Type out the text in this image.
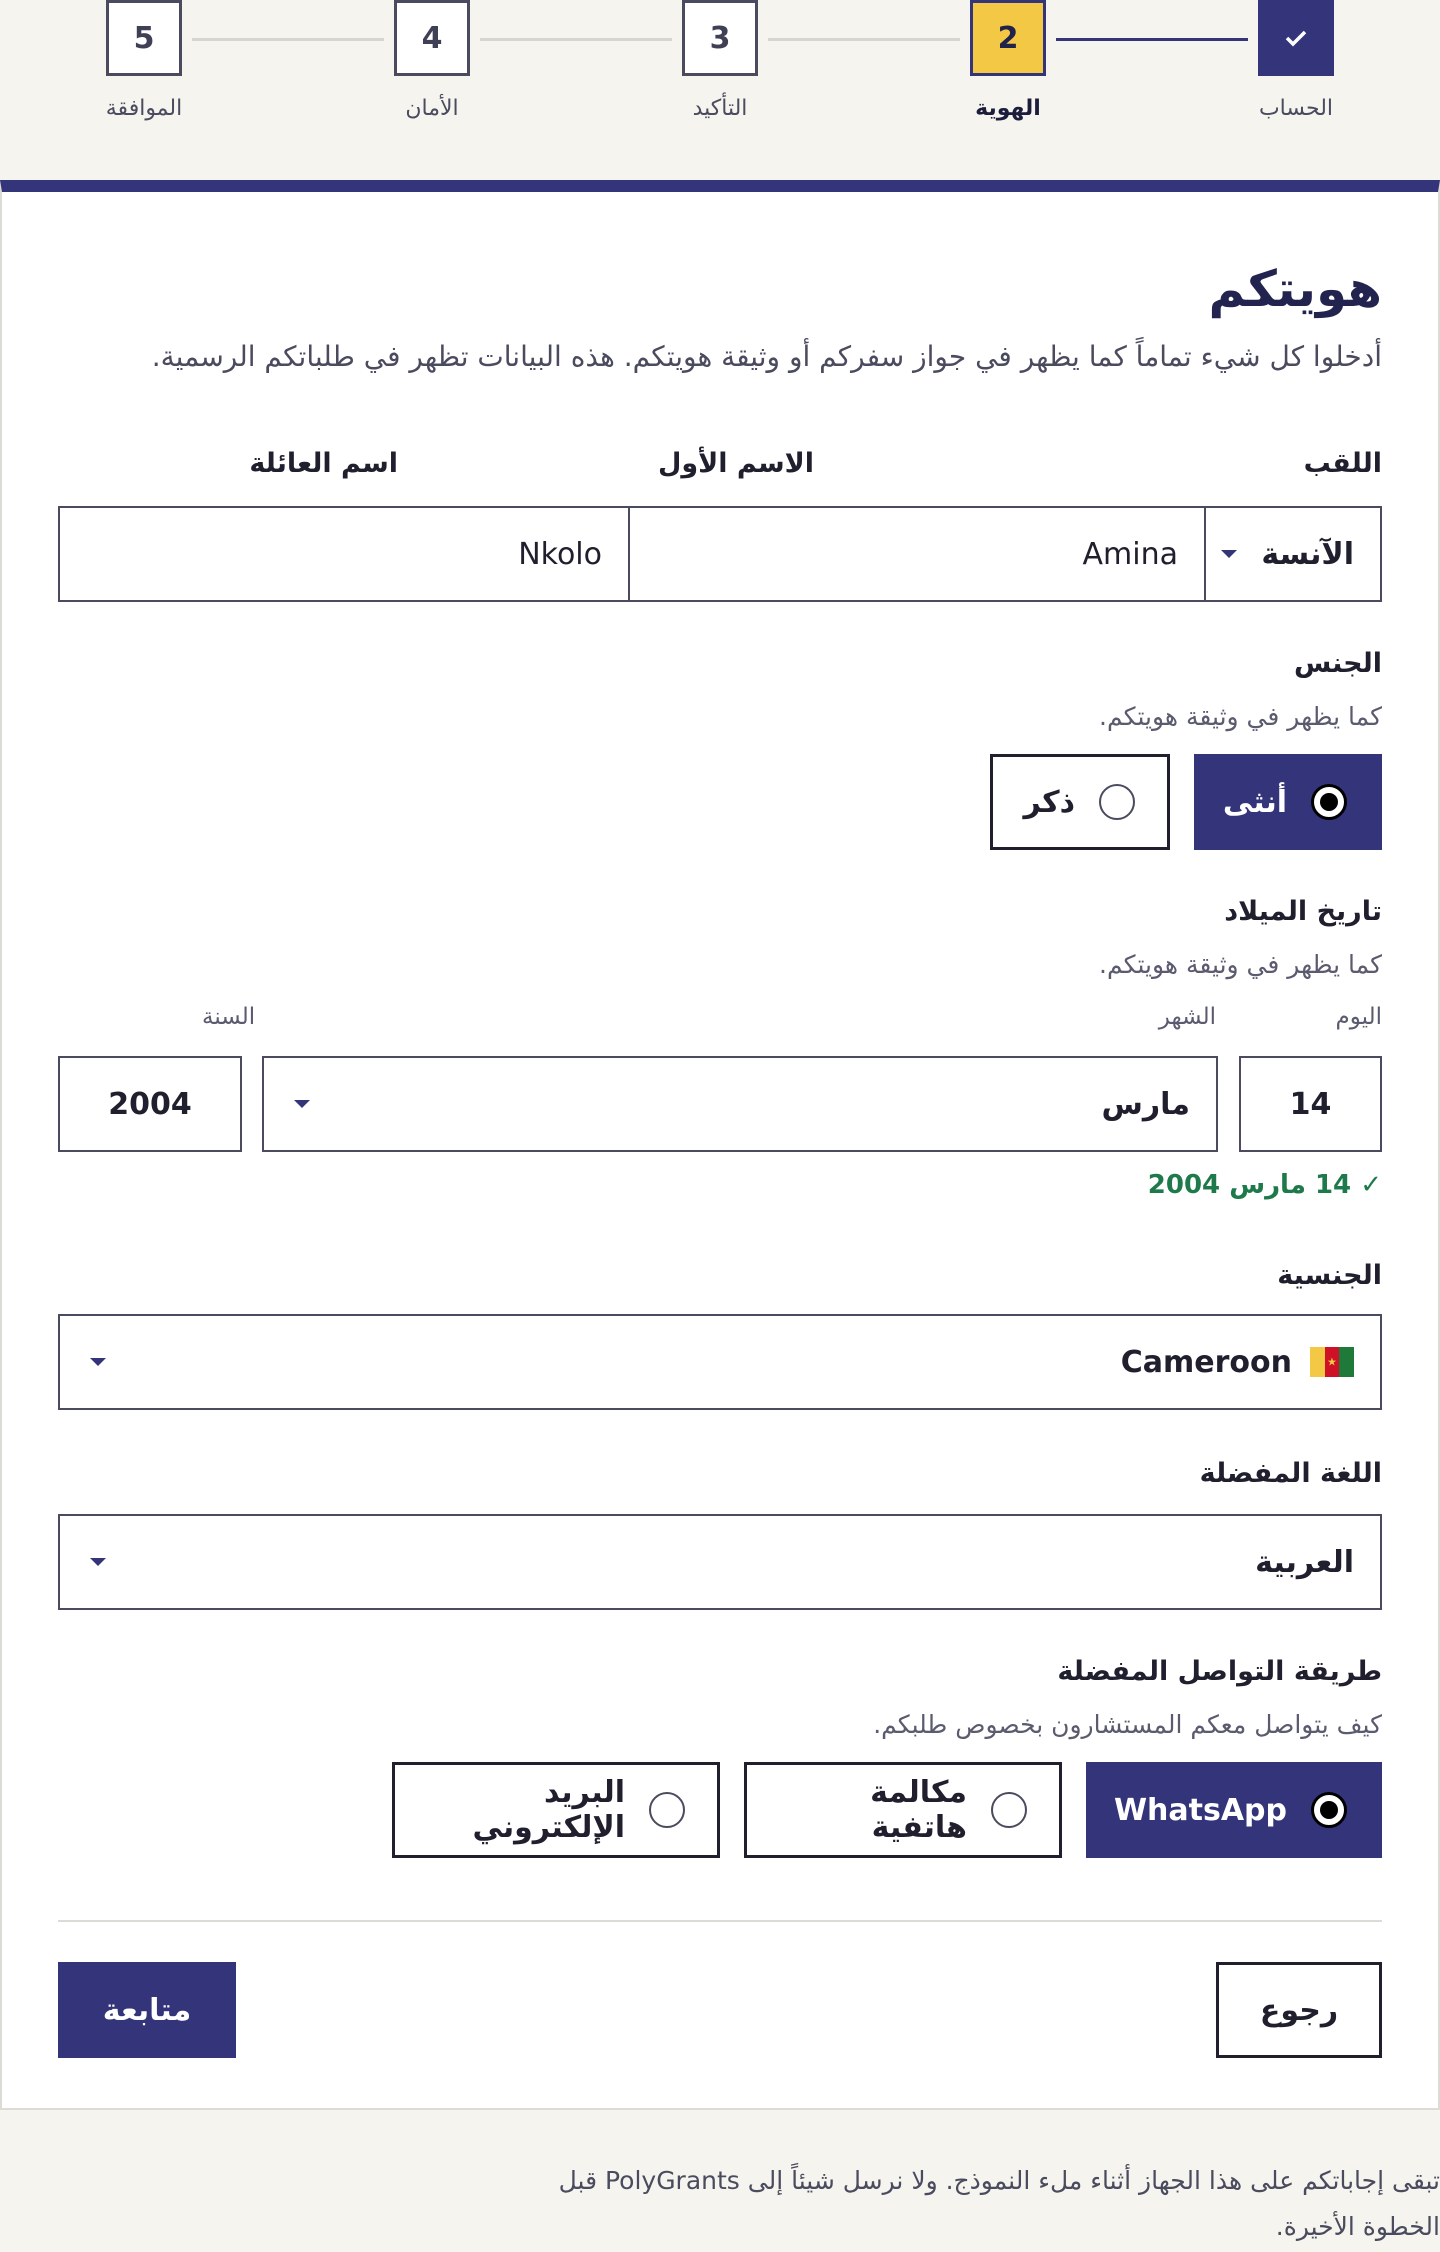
الحساب
2
الهوية
3
التأكيد
4
الأمان
5
الموافقة
هويتكم

أدخلوا كل شيء تماماً كما يظهر في جواز سفركم أو وثيقة هويتكم. هذه البيانات تظهر في طلباتكم الرسمية.

اللقب
الاسم الأول
اسم العائلة
الآنسة
Amina
Nkolo
الجنس
كما يظهر في وثيقة هويتكم.
أنثى
ذكر
تاريخ الميلاد
كما يظهر في وثيقة هويتكم.
اليوم
الشهر
السنة
14
مارس
2004
✓ 14 مارس 2004
الجنسية
★
Cameroon
اللغة المفضلة
العربية
طريقة التواصل المفضلة
كيف يتواصل معكم المستشارون بخصوص طلبكم.
WhatsApp
مكالمة هاتفية
البريد الإلكتروني
رجوع
متابعة

تبقى إجاباتكم على هذا الجهاز أثناء ملء النموذج. ولا نرسل شيئاً إلى PolyGrants قبل الخطوة الأخيرة.
